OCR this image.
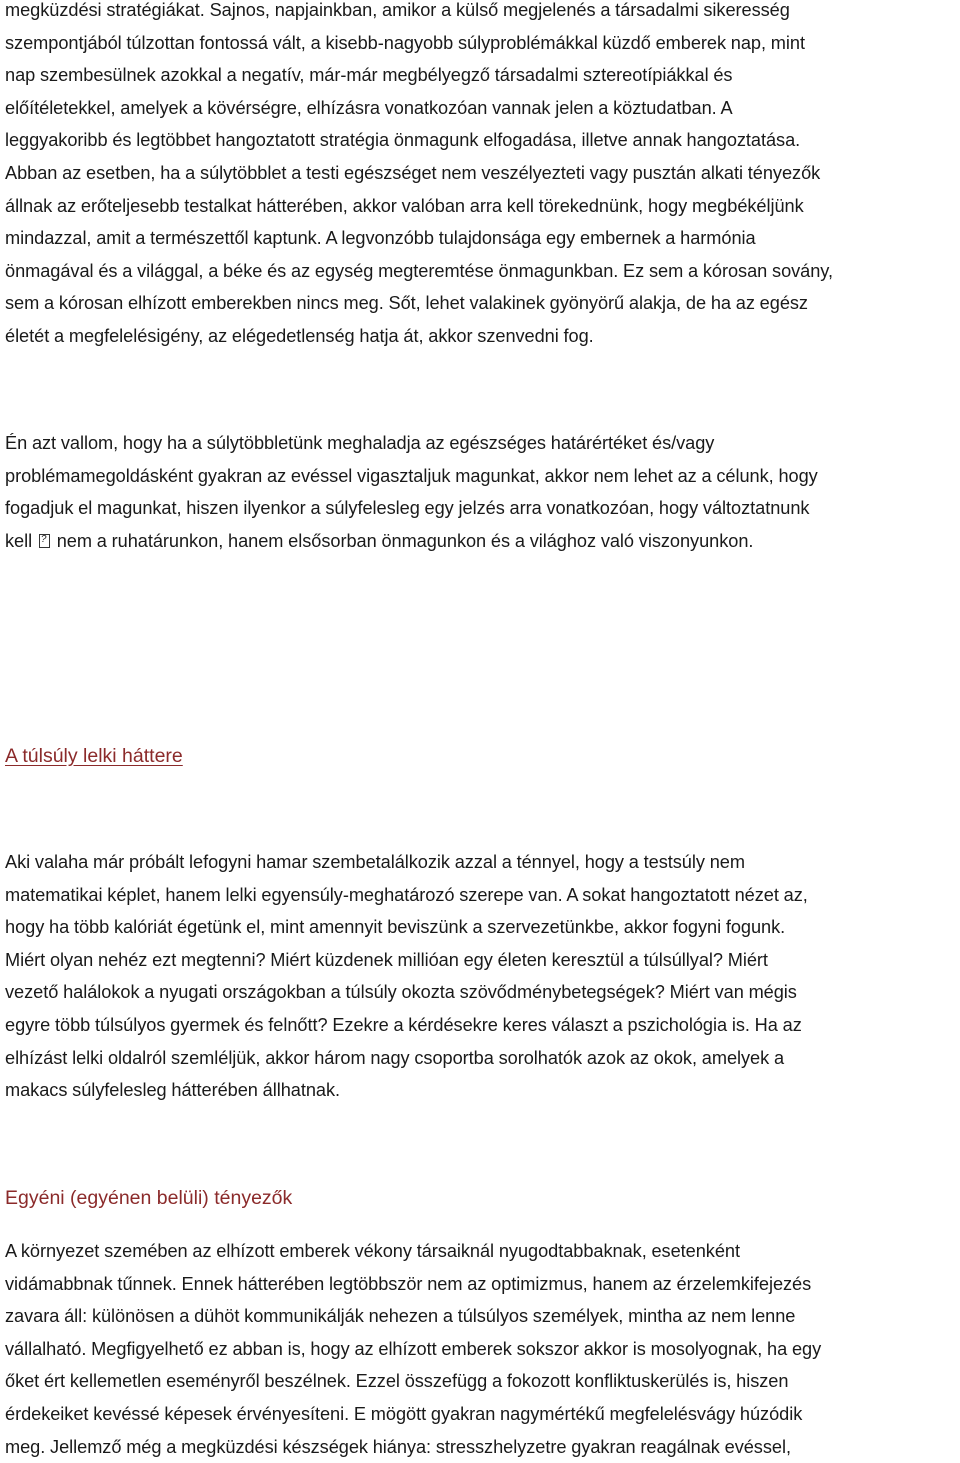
megküzdési stratégiákat. Sajnos, napjainkban, amikor a külső megjelenés a társadalmi sikeresség
szempontjából túlzottan fontossá vált, a kisebb-nagyobb súlyproblémákkal küzdő emberek nap, mint
nap szembesülnek azokkal a negatív, már-már megbélyegző társadalmi sztereotípiákkal és
előítéletekkel, amelyek a kövérségre, elhízásra vonatkozóan vannak jelen a köztudatban. A
leggyakoribb és legtöbbet hangoztatott stratégia önmagunk elfogadása, illetve annak hangoztatása.
Abban az esetben, ha a súlytöbblet a testi egészséget nem veszélyezteti vagy pusztán alkati tényezők
állnak az erőteljesebb testalkat hátterében, akkor valóban arra kell törekednünk, hogy megbékéljünk
mindazzal, amit a természettől kaptunk. A legvonzóbb tulajdonsága egy embernek a harmónia
önmagával és a világgal, a béke és az egység megteremtése önmagunkban. Ez sem a kórosan sovány,
sem a kórosan elhízott emberekben nincs meg. Sőt, lehet valakinek gyönyörű alakja, de ha az egész
életét a megfelelésigény, az elégedetlenség hatja át, akkor szenvedni fog.
Én azt vallom, hogy ha a súlytöbbletünk meghaladja az egészséges határértéket és/vagy
problémamegoldásként gyakran az evéssel vigasztaljuk magunkat, akkor nem lehet az a célunk, hogy
fogadjuk el magunkat, hiszen ilyenkor a súlyfelesleg egy jelzés arra vonatkozóan, hogy változtatnunk
kell ? nem a ruhatárunkon, hanem elsősorban önmagunkon és a világhoz való viszonyunkon.
A túlsúly lelki háttere
Aki valaha már próbált lefogyni hamar szembetalálkozik azzal a ténnyel, hogy a testsúly nem
matematikai képlet, hanem lelki egyensúly-meghatározó szerepe van. A sokat hangoztatott nézet az,
hogy ha több kalóriát égetünk el, mint amennyit beviszünk a szervezetünkbe, akkor fogyni fogunk.
Miért olyan nehéz ezt megtenni? Miért küzdenek millióan egy életen keresztül a túlsúllyal? Miért
vezető halálokok a nyugati országokban a túlsúly okozta szövődménybetegségek? Miért van mégis
egyre több túlsúlyos gyermek és felnőtt? Ezekre a kérdésekre keres választ a pszichológia is. Ha az
elhízást lelki oldalról szemléljük, akkor három nagy csoportba sorolhatók azok az okok, amelyek a
makacs súlyfelesleg hátterében állhatnak.
Egyéni (egyénen belüli) tényezők
A környezet szemében az elhízott emberek vékony társaiknál nyugodtabbaknak, esetenként
vidámabbnak tűnnek. Ennek hátterében legtöbbször nem az optimizmus, hanem az érzelemkifejezés
zavara áll: különösen a dühöt kommunikálják nehezen a túlsúlyos személyek, mintha az nem lenne
vállalható. Megfigyelhető ez abban is, hogy az elhízott emberek sokszor akkor is mosolyognak, ha egy
őket ért kellemetlen eseményről beszélnek. Ezzel összefügg a fokozott konfliktuskerülés is, hiszen
érdekeiket kevéssé képesek érvényesíteni. E mögött gyakran nagymértékű megfelelésvágy húzódik
meg. Jellemző még a megküzdési készségek hiánya: stresszhelyzetre gyakran reagálnak evéssel,
